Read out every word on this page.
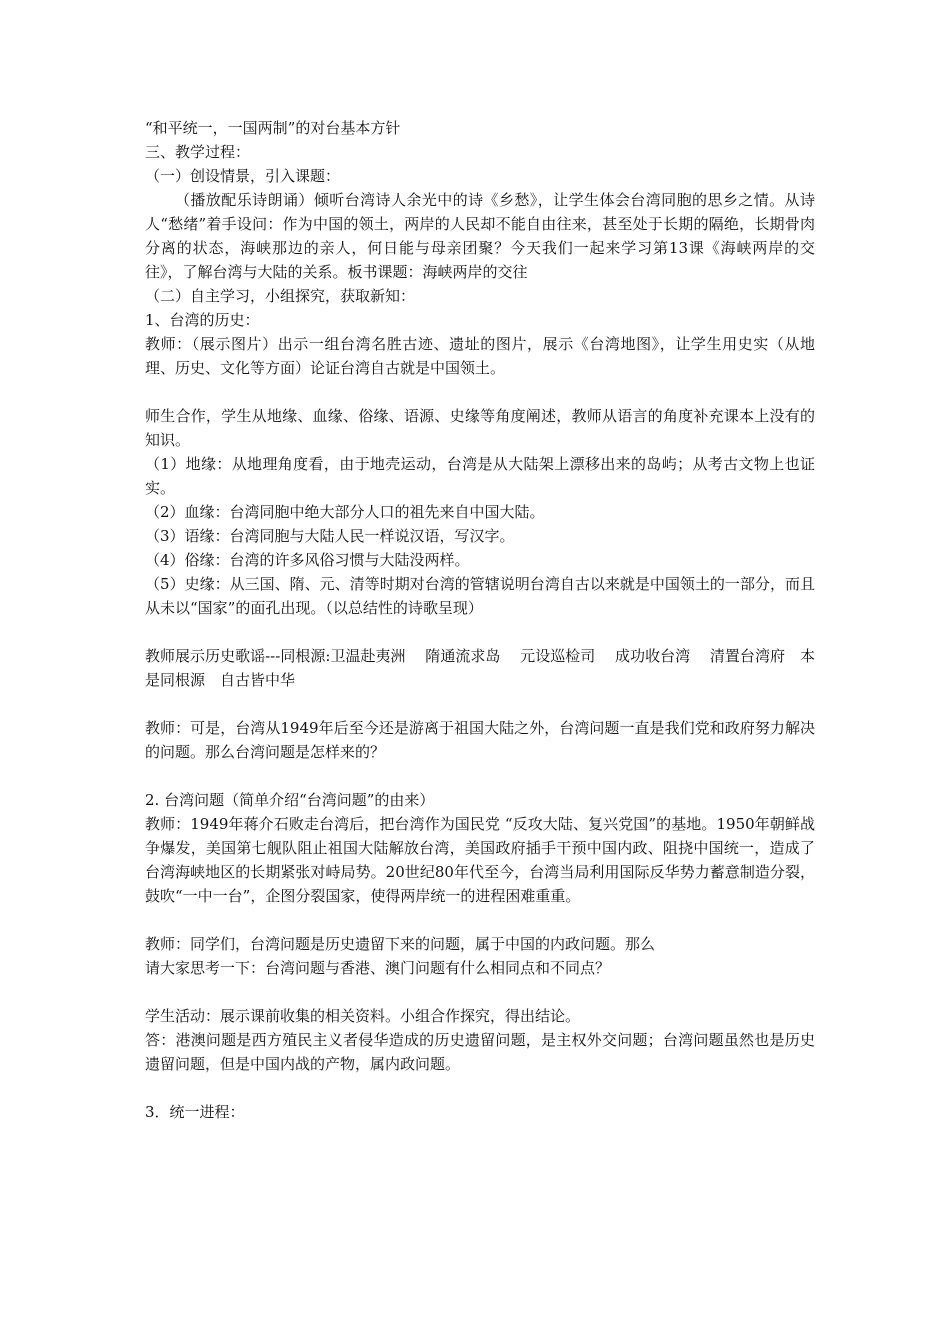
“和平统一，一国两制”的对台基本方针

三、教学过程：

（一）创设情景，引入课题：

（播放配乐诗朗诵）倾听台湾诗人余光中的诗《乡愁》，让学生体会台湾同胞的思乡之情。从诗人“愁绪”着手设问：作为中国的领土，两岸的人民却不能自由往来，甚至处于长期的隔绝，长期骨肉分离的状态，海峡那边的亲人，何日能与母亲团聚？今天我们一起来学习第13课《海峡两岸的交往》，了解台湾与大陆的关系。板书课题：海峡两岸的交往

（二）自主学习，小组探究，获取新知：

1、台湾的历史：

教师：（展示图片）出示一组台湾名胜古迹、遗址的图片，展示《台湾地图》，让学生用史实（从地理、历史、文化等方面）论证台湾自古就是中国领土。

师生合作，学生从地缘、血缘、俗缘、语源、史缘等角度阐述，教师从语言的角度补充课本上没有的知识。

（1）地缘：从地理角度看，由于地壳运动，台湾是从大陆架上漂移出来的岛屿；从考古文物上也证实。

（2）血缘：台湾同胞中绝大部分人口的祖先来自中国大陆。

（3）语缘：台湾同胞与大陆人民一样说汉语，写汉字。

（4）俗缘：台湾的许多风俗习惯与大陆没两样。

（5）史缘：从三国、隋、元、清等时期对台湾的管辖说明台湾自古以来就是中国领土的一部分，而且从未以“国家”的面孔出现。（以总结性的诗歌呈现）

教师展示历史歌谣---同根源:卫温赴夷洲　 隋通流求岛　 元设巡检司　 成功收台湾　 清置台湾府　本是同根源　自古皆中华

教师：可是，台湾从1949年后至今还是游离于祖国大陆之外，台湾问题一直是我们党和政府努力解决的问题。那么台湾问题是怎样来的？

2. 台湾问题（简单介绍“台湾问题”的由来）

教师：1949年蒋介石败走台湾后，把台湾作为国民党 “反攻大陆、复兴党国”的基地。1950年朝鲜战争爆发，美国第七舰队阻止祖国大陆解放台湾，美国政府插手干预中国内政、阻挠中国统一，造成了台湾海峡地区的长期紧张对峙局势。20世纪80年代至今，台湾当局利用国际反华势力蓄意制造分裂，鼓吹“一中一台”，企图分裂国家，使得两岸统一的进程困难重重。

教师：同学们，台湾问题是历史遗留下来的问题，属于中国的内政问题。那么

请大家思考一下：台湾问题与香港、澳门问题有什么相同点和不同点？

学生活动：展示课前收集的相关资料。小组合作探究，得出结论。

答：港澳问题是西方殖民主义者侵华造成的历史遗留问题，是主权外交问题；台湾问题虽然也是历史遗留问题，但是中国内战的产物，属内政问题。

3．统一进程：
